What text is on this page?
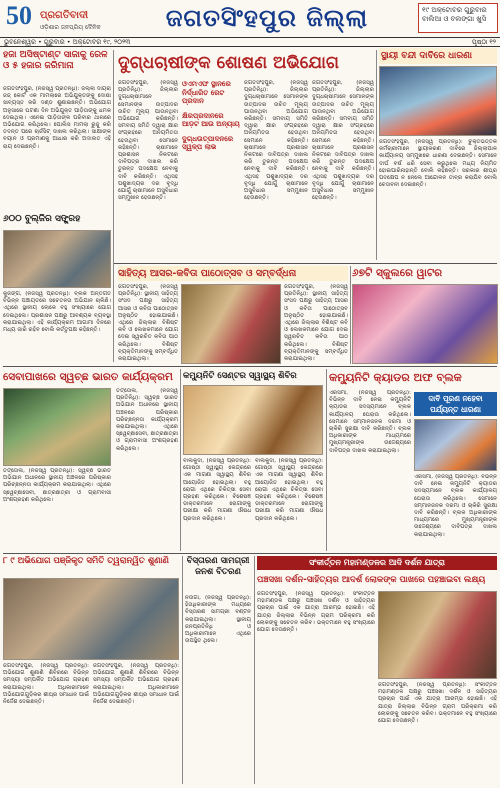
50 ପ୍ରଗତିବାଦୀ
ଓଡ଼ିଶାର ଜନପ୍ରିୟ ଦୈନିକ	ଜଗତସିଂହପୁର ଜିଲ୍ଲା	୧୯ ଅକ୍ଟୋବର ଗୁରୁବାର ବାଲିଆ ଓ ବଲଙ୍ଗା ଖୁସି
ଭୁବନେଶ୍ୱର • ଗୁରୁବାର • ଅକ୍ଟୋବର ୧୯, ୨୦୨୩	ପୃଷ୍ଠା ୧୨
ହଜା ଅସିଷ୍ଟାଣ୍ଟ ସାଜାକୁ ରେଳ ଓ ୫ ହଜାର ଜରିମାନା
ଜଗତସିଂହପୁର, (ନିଜସ୍ୱ ପ୍ରତିନିଧି): ଜିଲ୍ଲା ଦାୟରା ଜଜ୍ କୋର୍ଟ ଏକ ମାମଲାରେ ଅଭିଯୁକ୍ତଙ୍କୁ ଦୋଷୀ ସାବ୍ୟସ୍ତ କରି ଦଣ୍ଡ ଶୁଣାଇଛନ୍ତି। ଅଭିଯୋଗ ଅନୁସାରେ ଘଟଣା ଦିନ ଅଭିଯୁକ୍ତ ପୀଡ଼ିତାଙ୍କୁ ଧମକ ଦେଇଥିଲା। ଏନେଇ ପୀଡ଼ିତାଙ୍କ ପରିବାର ଥାନାରେ ଅଭିଯୋଗ କରିଥିଲେ। ପୋଲିସ ମାମଲା ରୁଜୁ କରି ତଦନ୍ତ ପରେ ଚାର୍ଜସିଟ୍ ଦାଖଲ କରିଥିଲା। ସାକ୍ଷୀଙ୍କ ବୟାନ ଓ ପ୍ରମାଣକୁ ଆଧାର କରି ଅଦାଲତ ଏହି ରାୟ ଦେଇଛନ୍ତି।
୬୦୦ ବୁଲ୍ଜିର ସଙ୍ଗ୍ରହ
କୁଜଙ୍ଗ, (ନିଜସ୍ୱ ପ୍ରତିନିଧି): ବ୍ଲକ ଅନ୍ତର୍ଗତ ବିଭିନ୍ନ ପଞ୍ଚାୟତରେ ସଚେତନତା ଅଭିଯାନ ଚାଲିଛି। ଏଥିରେ ସ୍ଥାନୀୟ ଲୋକେ ବହୁ ସଂଖ୍ୟାରେ ଯୋଗ ଦେଇଥିଲେ। ପ୍ରଶାସନ ପକ୍ଷରୁ ଆବଶ୍ୟକ ବ୍ୟବସ୍ଥା କରାଯାଇଥିଲା। ଏହି କାର୍ଯ୍ୟକ୍ରମ ଆଗାମୀ ଦିନରେ ମଧ୍ୟ ଜାରି ରହିବ ବୋଲି କର୍ତ୍ତୃପକ୍ଷ କହିଛନ୍ତି।
ଦୁଗ୍ଧଚାଷୀଙ୍କ ଶୋଷଣ ଅଭିଯୋଗ
ଜଗତସିଂହପୁର, (ନିଜସ୍ୱ ପ୍ରତିନିଧି): ଜିଲ୍ଲାର ଦୁଗ୍ଧଚାଷୀମାନେ ସେମାନଙ୍କ ଉତ୍ପାଦର ଉଚିତ ମୂଲ୍ୟ ପାଉନଥିବା ଅଭିଯୋଗ କରିଛନ୍ତି। ସମବାୟ ସମିତି ଦ୍ୱାରା କ୍ଷୀର ସଂଗ୍ରହରେ ଅନିୟମିତତା ହେଉଥିବା ସେମାନେ କହିଛନ୍ତି। ଚାଷୀମାନେ ପ୍ରଶାସନ ନିକଟରେ ଦାବିପତ୍ର ଦାଖଲ କରି ତୁରନ୍ତ ପଦକ୍ଷେପ ନେବାକୁ ଦାବି କରିଛନ୍ତି। ଏଥିସହ ପଶୁଖାଦ୍ୟର ଦର ବୃଦ୍ଧି ଯୋଗୁଁ ଚାଷୀମାନେ ଅସୁବିଧାର ସମ୍ମୁଖୀନ ହେଉଛନ୍ତି।
ଓଏମଏଫ ସ୍ଥାନରେ ନିର୍ଦ୍ଧାରିତ ରେଟ ପ୍ରଦାନ
କ୍ଷିରପ୍ରଦାନରେ ଆଡ଼ଟ ଆଉ ଅନ୍ୟାୟ
ଦୁଗ୍ଧଉତ୍ପାଦନରେ ସ୍ୱଳ୍ପ ଲାଭ
ଜଗତସିଂହପୁର, (ନିଜସ୍ୱ ପ୍ରତିନିଧି): ଜିଲ୍ଲାର ଦୁଗ୍ଧଚାଷୀମାନେ ସେମାନଙ୍କ ଉତ୍ପାଦର ଉଚିତ ମୂଲ୍ୟ ପାଉନଥିବା ଅଭିଯୋଗ କରିଛନ୍ତି। ସମବାୟ ସମିତି ଦ୍ୱାରା କ୍ଷୀର ସଂଗ୍ରହରେ ଅନିୟମିତତା ହେଉଥିବା ସେମାନେ କହିଛନ୍ତି। ଚାଷୀମାନେ ପ୍ରଶାସନ ନିକଟରେ ଦାବିପତ୍ର ଦାଖଲ କରି ତୁରନ୍ତ ପଦକ୍ଷେପ ନେବାକୁ ଦାବି କରିଛନ୍ତି। ଏଥିସହ ପଶୁଖାଦ୍ୟର ଦର ବୃଦ୍ଧି ଯୋଗୁଁ ଚାଷୀମାନେ ଅସୁବିଧାର ସମ୍ମୁଖୀନ ହେଉଛନ୍ତି।
ଜଗତସିଂହପୁର, (ନିଜସ୍ୱ ପ୍ରତିନିଧି): ଜିଲ୍ଲାର ଦୁଗ୍ଧଚାଷୀମାନେ ସେମାନଙ୍କ ଉତ୍ପାଦର ଉଚିତ ମୂଲ୍ୟ ପାଉନଥିବା ଅଭିଯୋଗ କରିଛନ୍ତି। ସମବାୟ ସମିତି ଦ୍ୱାରା କ୍ଷୀର ସଂଗ୍ରହରେ ଅନିୟମିତତା ହେଉଥିବା ସେମାନେ କହିଛନ୍ତି। ଚାଷୀମାନେ ପ୍ରଶାସନ ନିକଟରେ ଦାବିପତ୍ର ଦାଖଲ କରି ତୁରନ୍ତ ପଦକ୍ଷେପ ନେବାକୁ ଦାବି କରିଛନ୍ତି। ଏଥିସହ ପଶୁଖାଦ୍ୟର ଦର ବୃଦ୍ଧି ଯୋଗୁଁ ଚାଷୀମାନେ ଅସୁବିଧାର ସମ୍ମୁଖୀନ ହେଉଛନ୍ତି।
ସ୍ଥାୟୀ ବନ୍ଦୀ ଦାବିରେ ଧାରଣା
ଜଗତସିଂହପୁର, (ନିଜସ୍ୱ ପ୍ରତିନିଧି): ଚୁକ୍ତିଭିତ୍ତିକ କର୍ମଚାରୀମାନେ ସ୍ଥାୟୀକରଣ ଦାବିରେ ଜିଲ୍ଲାପାଳ କାର୍ଯ୍ୟାଳୟ ସମ୍ମୁଖରେ ଧାରଣା ଦେଇଛନ୍ତି। ସେମାନେ ଦୀର୍ଘ ବର୍ଷ ଧରି ସେବା କରୁଥିଲେ ମଧ୍ୟ ନିୟମିତ ହୋଇପାରିନାହାନ୍ତି ବୋଲି କହିଛନ୍ତି। ସରକାର ଶୀଘ୍ର ପଦକ୍ଷେପ ନ ନେଲେ ଆନ୍ଦୋଳନ ତୀବ୍ର କରାଯିବ ବୋଲି ଚେତାବନୀ ଦେଇଛନ୍ତି।
ସାହିତ୍ୟ ଆସର-କବିତା ପାଠୋତ୍ସବ ଓ ସମ୍ବର୍ଦ୍ଧନା
ଜଗତସିଂହପୁର, (ନିଜସ୍ୱ ପ୍ରତିନିଧି): ସ୍ଥାନୀୟ ସାହିତ୍ୟ ସଂସଦ ପକ୍ଷରୁ ସାହିତ୍ୟ ଆସର ଓ କବିତା ପାଠୋତ୍ସବ ଅନୁଷ୍ଠିତ ହୋଇଯାଇଛି। ଏଥିରେ ଜିଲ୍ଲାର ବିଶିଷ୍ଟ କବି ଓ ଲେଖକମାନେ ଯୋଗ ଦେଇ ସ୍ୱରଚିତ କବିତା ପାଠ କରିଥିଲେ। ବିଶିଷ୍ଟ ବ୍ୟକ୍ତିମାନଙ୍କୁ ସମ୍ବର୍ଦ୍ଧିତ କରାଯାଇଥିଲା।
ଜଗତସିଂହପୁର, (ନିଜସ୍ୱ ପ୍ରତିନିଧି): ସ୍ଥାନୀୟ ସାହିତ୍ୟ ସଂସଦ ପକ୍ଷରୁ ସାହିତ୍ୟ ଆସର ଓ କବିତା ପାଠୋତ୍ସବ ଅନୁଷ୍ଠିତ ହୋଇଯାଇଛି। ଏଥିରେ ଜିଲ୍ଲାର ବିଶିଷ୍ଟ କବି ଓ ଲେଖକମାନେ ଯୋଗ ଦେଇ ସ୍ୱରଚିତ କବିତା ପାଠ କରିଥିଲେ। ବିଶିଷ୍ଟ ବ୍ୟକ୍ତିମାନଙ୍କୁ ସମ୍ବର୍ଦ୍ଧିତ କରାଯାଇଥିଲା।
୬୭ଟି ସ୍କୁଲରେ ୱାଟର
ସେବାପାଖରେ ସ୍ୱଚ୍ଛ ଭାରତ କାର୍ଯ୍ୟକ୍ରମ
ତିର୍ତ୍ତୋଲ, (ନିଜସ୍ୱ ପ୍ରତିନିଧି): ସ୍ୱଚ୍ଛ ଭାରତ ଅଭିଯାନ ଅଧୀନରେ ସ୍ଥାନୀୟ ଅଞ୍ଚଳରେ ପରିଷ୍କାର ପରିଚ୍ଛନ୍ନତା କାର୍ଯ୍ୟକ୍ରମ କରାଯାଇଥିଲା। ଏଥିରେ ସ୍ୱେଚ୍ଛାସେବୀ, ଛାତ୍ରଛାତ୍ରୀ ଓ ଗ୍ରାମବାସୀ ଅଂଶଗ୍ରହଣ କରିଥିଲେ।
ତିର୍ତ୍ତୋଲ, (ନିଜସ୍ୱ ପ୍ରତିନିଧି): ସ୍ୱଚ୍ଛ ଭାରତ ଅଭିଯାନ ଅଧୀନରେ ସ୍ଥାନୀୟ ଅଞ୍ଚଳରେ ପରିଷ୍କାର ପରିଚ୍ଛନ୍ନତା କାର୍ଯ୍ୟକ୍ରମ କରାଯାଇଥିଲା। ଏଥିରେ ସ୍ୱେଚ୍ଛାସେବୀ, ଛାତ୍ରଛାତ୍ରୀ ଓ ଗ୍ରାମବାସୀ ଅଂଶଗ୍ରହଣ କରିଥିଲେ।
କମ୍ୟୁନିଟି ସେଣ୍ଟର ସ୍ୱାସ୍ଥ୍ୟ ଶିବିର
ବାଲିକୁଦା, (ନିଜସ୍ୱ ପ୍ରତିନିଧି): ଗୋଷ୍ଠୀ ସ୍ୱାସ୍ଥ୍ୟ କେନ୍ଦ୍ରରେ ଏକ ମାଗଣା ସ୍ୱାସ୍ଥ୍ୟ ଶିବିର ଆୟୋଜିତ ହୋଇଥିଲା। ବହୁ ରୋଗୀ ଏଥିରେ ଚିକିତ୍ସା ସେବା ଗ୍ରହଣ କରିଥିଲେ। ବିଶେଷଜ୍ଞ ଡାକ୍ତରମାନେ ରୋଗୀଙ୍କୁ ପରୀକ୍ଷା କରି ମାଗଣା ଔଷଧ ପ୍ରଦାନ କରିଥିଲେ।
ବାଲିକୁଦା, (ନିଜସ୍ୱ ପ୍ରତିନିଧି): ଗୋଷ୍ଠୀ ସ୍ୱାସ୍ଥ୍ୟ କେନ୍ଦ୍ରରେ ଏକ ମାଗଣା ସ୍ୱାସ୍ଥ୍ୟ ଶିବିର ଆୟୋଜିତ ହୋଇଥିଲା। ବହୁ ରୋଗୀ ଏଥିରେ ଚିକିତ୍ସା ସେବା ଗ୍ରହଣ କରିଥିଲେ। ବିଶେଷଜ୍ଞ ଡାକ୍ତରମାନେ ରୋଗୀଙ୍କୁ ପରୀକ୍ଷା କରି ମାଗଣା ଔଷଧ ପ୍ରଦାନ କରିଥିଲେ।
କମ୍ୟୁନିଟି କ୍ୟାଡର ଅଫ ବ୍ଲକ
ଏରସମା, (ନିଜସ୍ୱ ପ୍ରତିନିଧି): ବିଭିନ୍ନ ଦାବି ନେଇ କମ୍ୟୁନିଟି କ୍ୟାଡର ସଦସ୍ୟମାନେ ବ୍ଲକ କାର୍ଯ୍ୟାଳୟ ଘେରାଉ କରିଥିଲେ। ସେମାନେ ସମ୍ମାନଜନକ ଦରମା ଓ ଚାକିରି ସୁରକ୍ଷା ଦାବି କରିଛନ୍ତି। ବ୍ଲକ ଅଧିକାରୀଙ୍କ ମାଧ୍ୟମରେ ମୁଖ୍ୟମନ୍ତ୍ରୀଙ୍କ ଉଦ୍ଦେଶ୍ୟରେ ଦାବିପତ୍ର ଦାଖଲ କରାଯାଇଥିଲା।
ଦାବି ପୂରଣ ନହେବା ପର୍ଯ୍ୟନ୍ତ ଧାରଣା
ଏରସମା, (ନିଜସ୍ୱ ପ୍ରତିନିଧି): ବିଭିନ୍ନ ଦାବି ନେଇ କମ୍ୟୁନିଟି କ୍ୟାଡର ସଦସ୍ୟମାନେ ବ୍ଲକ କାର୍ଯ୍ୟାଳୟ ଘେରାଉ କରିଥିଲେ। ସେମାନେ ସମ୍ମାନଜନକ ଦରମା ଓ ଚାକିରି ସୁରକ୍ଷା ଦାବି କରିଛନ୍ତି। ବ୍ଲକ ଅଧିକାରୀଙ୍କ ମାଧ୍ୟମରେ ମୁଖ୍ୟମନ୍ତ୍ରୀଙ୍କ ଉଦ୍ଦେଶ୍ୟରେ ଦାବିପତ୍ର ଦାଖଲ କରାଯାଇଥିଲା।
୮ ୯ ଅଭିଯୋଗ ପଞ୍ଜିକୃତ ସମିତି ତ୍ୱରାନ୍ୱିତ ଶୁଣାଣି
ଜଗତସିଂହପୁର, (ନିଜସ୍ୱ ପ୍ରତିନିଧି): ଅଭିଯୋଗ ଶୁଣାଣି ଶିବିରରେ ବିଭିନ୍ନ ସମସ୍ୟା ସମ୍ପର୍କିତ ଅଭିଯୋଗ ଗ୍ରହଣ କରାଯାଇଥିଲା। ଅଧିକାରୀମାନେ ଅଭିଯୋଗଗୁଡ଼ିକର ଶୀଘ୍ର ସମାଧାନ ପାଇଁ ନିର୍ଦ୍ଦେଶ ଦେଇଛନ୍ତି।
ଜଗତସିଂହପୁର, (ନିଜସ୍ୱ ପ୍ରତିନିଧି): ଅଭିଯୋଗ ଶୁଣାଣି ଶିବିରରେ ବିଭିନ୍ନ ସମସ୍ୟା ସମ୍ପର୍କିତ ଅଭିଯୋଗ ଗ୍ରହଣ କରାଯାଇଥିଲା। ଅଧିକାରୀମାନେ ଅଭିଯୋଗଗୁଡ଼ିକର ଶୀଘ୍ର ସମାଧାନ ପାଇଁ ନିର୍ଦ୍ଦେଶ ଦେଇଛନ୍ତି।
ବିସ୍ତାରଣ ସାମଗ୍ରୀ ଜନଶ ବିତରଣ
ନଉଗାଁ, (ନିଜସ୍ୱ ପ୍ରତିନିଧି): ହିତାଧିକାରୀଙ୍କ ମଧ୍ୟରେ ବିସ୍ତାରଣ ସାମଗ୍ରୀ ବଣ୍ଟନ କରାଯାଇଥିଲା। ସ୍ଥାନୀୟ ଜନପ୍ରତିନିଧି ଓ ଅଧିକାରୀମାନେ ଏଥିରେ ଉପସ୍ଥିତ ଥିଲେ।
ସଂକୀର୍ତ୍ତନ ମହାମଣ୍ଡଳର ଆଦି ଦର୍ଶନ ଯାତ୍ରା
ପଞ୍ଚସଖା ଦର୍ଶନ-ସାହିତ୍ୟର ଆଦର୍ଶ ଲୋକଙ୍କ ପାଖରେ ପହଞ୍ଚାଇବା ଲକ୍ଷ୍ୟ
ଜଗତସିଂହପୁର, (ନିଜସ୍ୱ ପ୍ରତିନିଧି): ସଂକୀର୍ତ୍ତନ ମହାମଣ୍ଡଳ ପକ୍ଷରୁ ପଞ୍ଚସଖା ଦର୍ଶନ ଓ ସାହିତ୍ୟର ପ୍ରଚାର ପାଇଁ ଏକ ଯାତ୍ରା ଆରମ୍ଭ ହୋଇଛି। ଏହି ଯାତ୍ରା ଜିଲ୍ଲାର ବିଭିନ୍ନ ଗ୍ରାମ ପରିକ୍ରମା କରି ଲୋକଙ୍କୁ ସଚେତନ କରିବ। ଭକ୍ତମାନେ ବହୁ ସଂଖ୍ୟାରେ ଯୋଗ ଦେଉଛନ୍ତି।
ଜଗତସିଂହପୁର, (ନିଜସ୍ୱ ପ୍ରତିନିଧି): ସଂକୀର୍ତ୍ତନ ମହାମଣ୍ଡଳ ପକ୍ଷରୁ ପଞ୍ଚସଖା ଦର୍ଶନ ଓ ସାହିତ୍ୟର ପ୍ରଚାର ପାଇଁ ଏକ ଯାତ୍ରା ଆରମ୍ଭ ହୋଇଛି। ଏହି ଯାତ୍ରା ଜିଲ୍ଲାର ବିଭିନ୍ନ ଗ୍ରାମ ପରିକ୍ରମା କରି ଲୋକଙ୍କୁ ସଚେତନ କରିବ। ଭକ୍ତମାନେ ବହୁ ସଂଖ୍ୟାରେ ଯୋଗ ଦେଉଛନ୍ତି।
